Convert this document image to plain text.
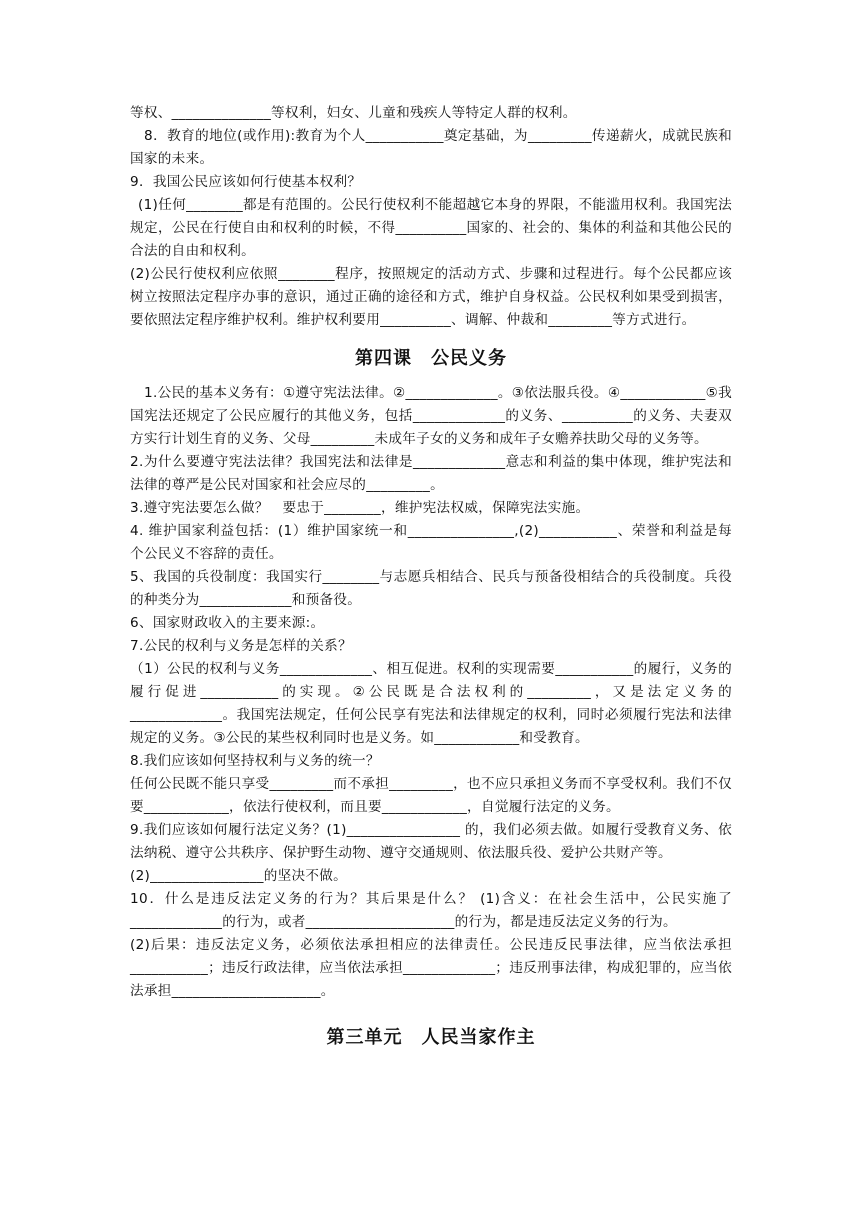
等权、______________等权利，妇女、儿童和残疾人等特定人群的权利。

8．教育的地位(或作用):教育为个人___________奠定基础，为_________传递薪火，成就民族和国家的未来。

9．我国公民应该如何行使基本权利？

(1)任何________都是有范围的。公民行使权利不能超越它本身的界限，不能滥用权利。我国宪法规定，公民在行使自由和权利的时候，不得__________国家的、社会的、集体的利益和其他公民的合法的自由和权利。

(2)公民行使权利应依照________程序，按照规定的活动方式、步骤和过程进行。每个公民都应该树立按照法定程序办事的意识，通过正确的途径和方式，维护自身权益。公民权利如果受到损害，要依照法定程序维护权利。维护权利要用__________、调解、仲裁和_________等方式进行。

第四课　公民义务

1.公民的基本义务有：①遵守宪法法律。②_____________。③依法服兵役。④____________⑤我国宪法还规定了公民应履行的其他义务，包括_____________的义务、__________的义务、夫妻双方实行计划生育的义务、父母_________未成年子女的义务和成年子女赡养扶助父母的义务等。

2.为什么要遵守宪法法律？我国宪法和法律是_____________意志和利益的集中体现，维护宪法和法律的尊严是公民对国家和社会应尽的_________。

3.遵守宪法要怎么做？　要忠于________，维护宪法权威，保障宪法实施。

4. 维护国家利益包括：(1）维护国家统一和_______________,(2)___________、荣誉和利益是每个公民义不容辞的责任。

5、我国的兵役制度：我国实行________与志愿兵相结合、民兵与预备役相结合的兵役制度。兵役的种类分为_____________和预备役。

6、国家财政收入的主要来源:。

7.公民的权利与义务是怎样的关系？

（1）公民的权利与义务_____________、相互促进。权利的实现需要___________的履行，义务的履行促进___________的实现。②公民既是合法权利的_________，又是法定义务的_____________。我国宪法规定，任何公民享有宪法和法律规定的权利，同时必须履行宪法和法律规定的义务。③公民的某些权利同时也是义务。如____________和受教育。

8.我们应该如何坚持权利与义务的统一？

任何公民既不能只享受_________而不承担_________，也不应只承担义务而不享受权利。我们不仅要____________，依法行使权利，而且要____________，自觉履行法定的义务。

9.我们应该如何履行法定义务？(1)________________ 的，我们必须去做。如履行受教育义务、依法纳税、遵守公共秩序、保护野生动物、遵守交通规则、依法服兵役、爱护公共财产等。

(2)________________的坚决不做。

10．什么是违反法定义务的行为？其后果是什么？ (1)含义：在社会生活中，公民实施了_____________的行为，或者_____________________的行为，都是违反法定义务的行为。

(2)后果：违反法定义务，必须依法承担相应的法律责任。公民违反民事法律，应当依法承担___________；违反行政法律，应当依法承担_____________；违反刑事法律，构成犯罪的，应当依法承担_____________________。

第三单元　人民当家作主
